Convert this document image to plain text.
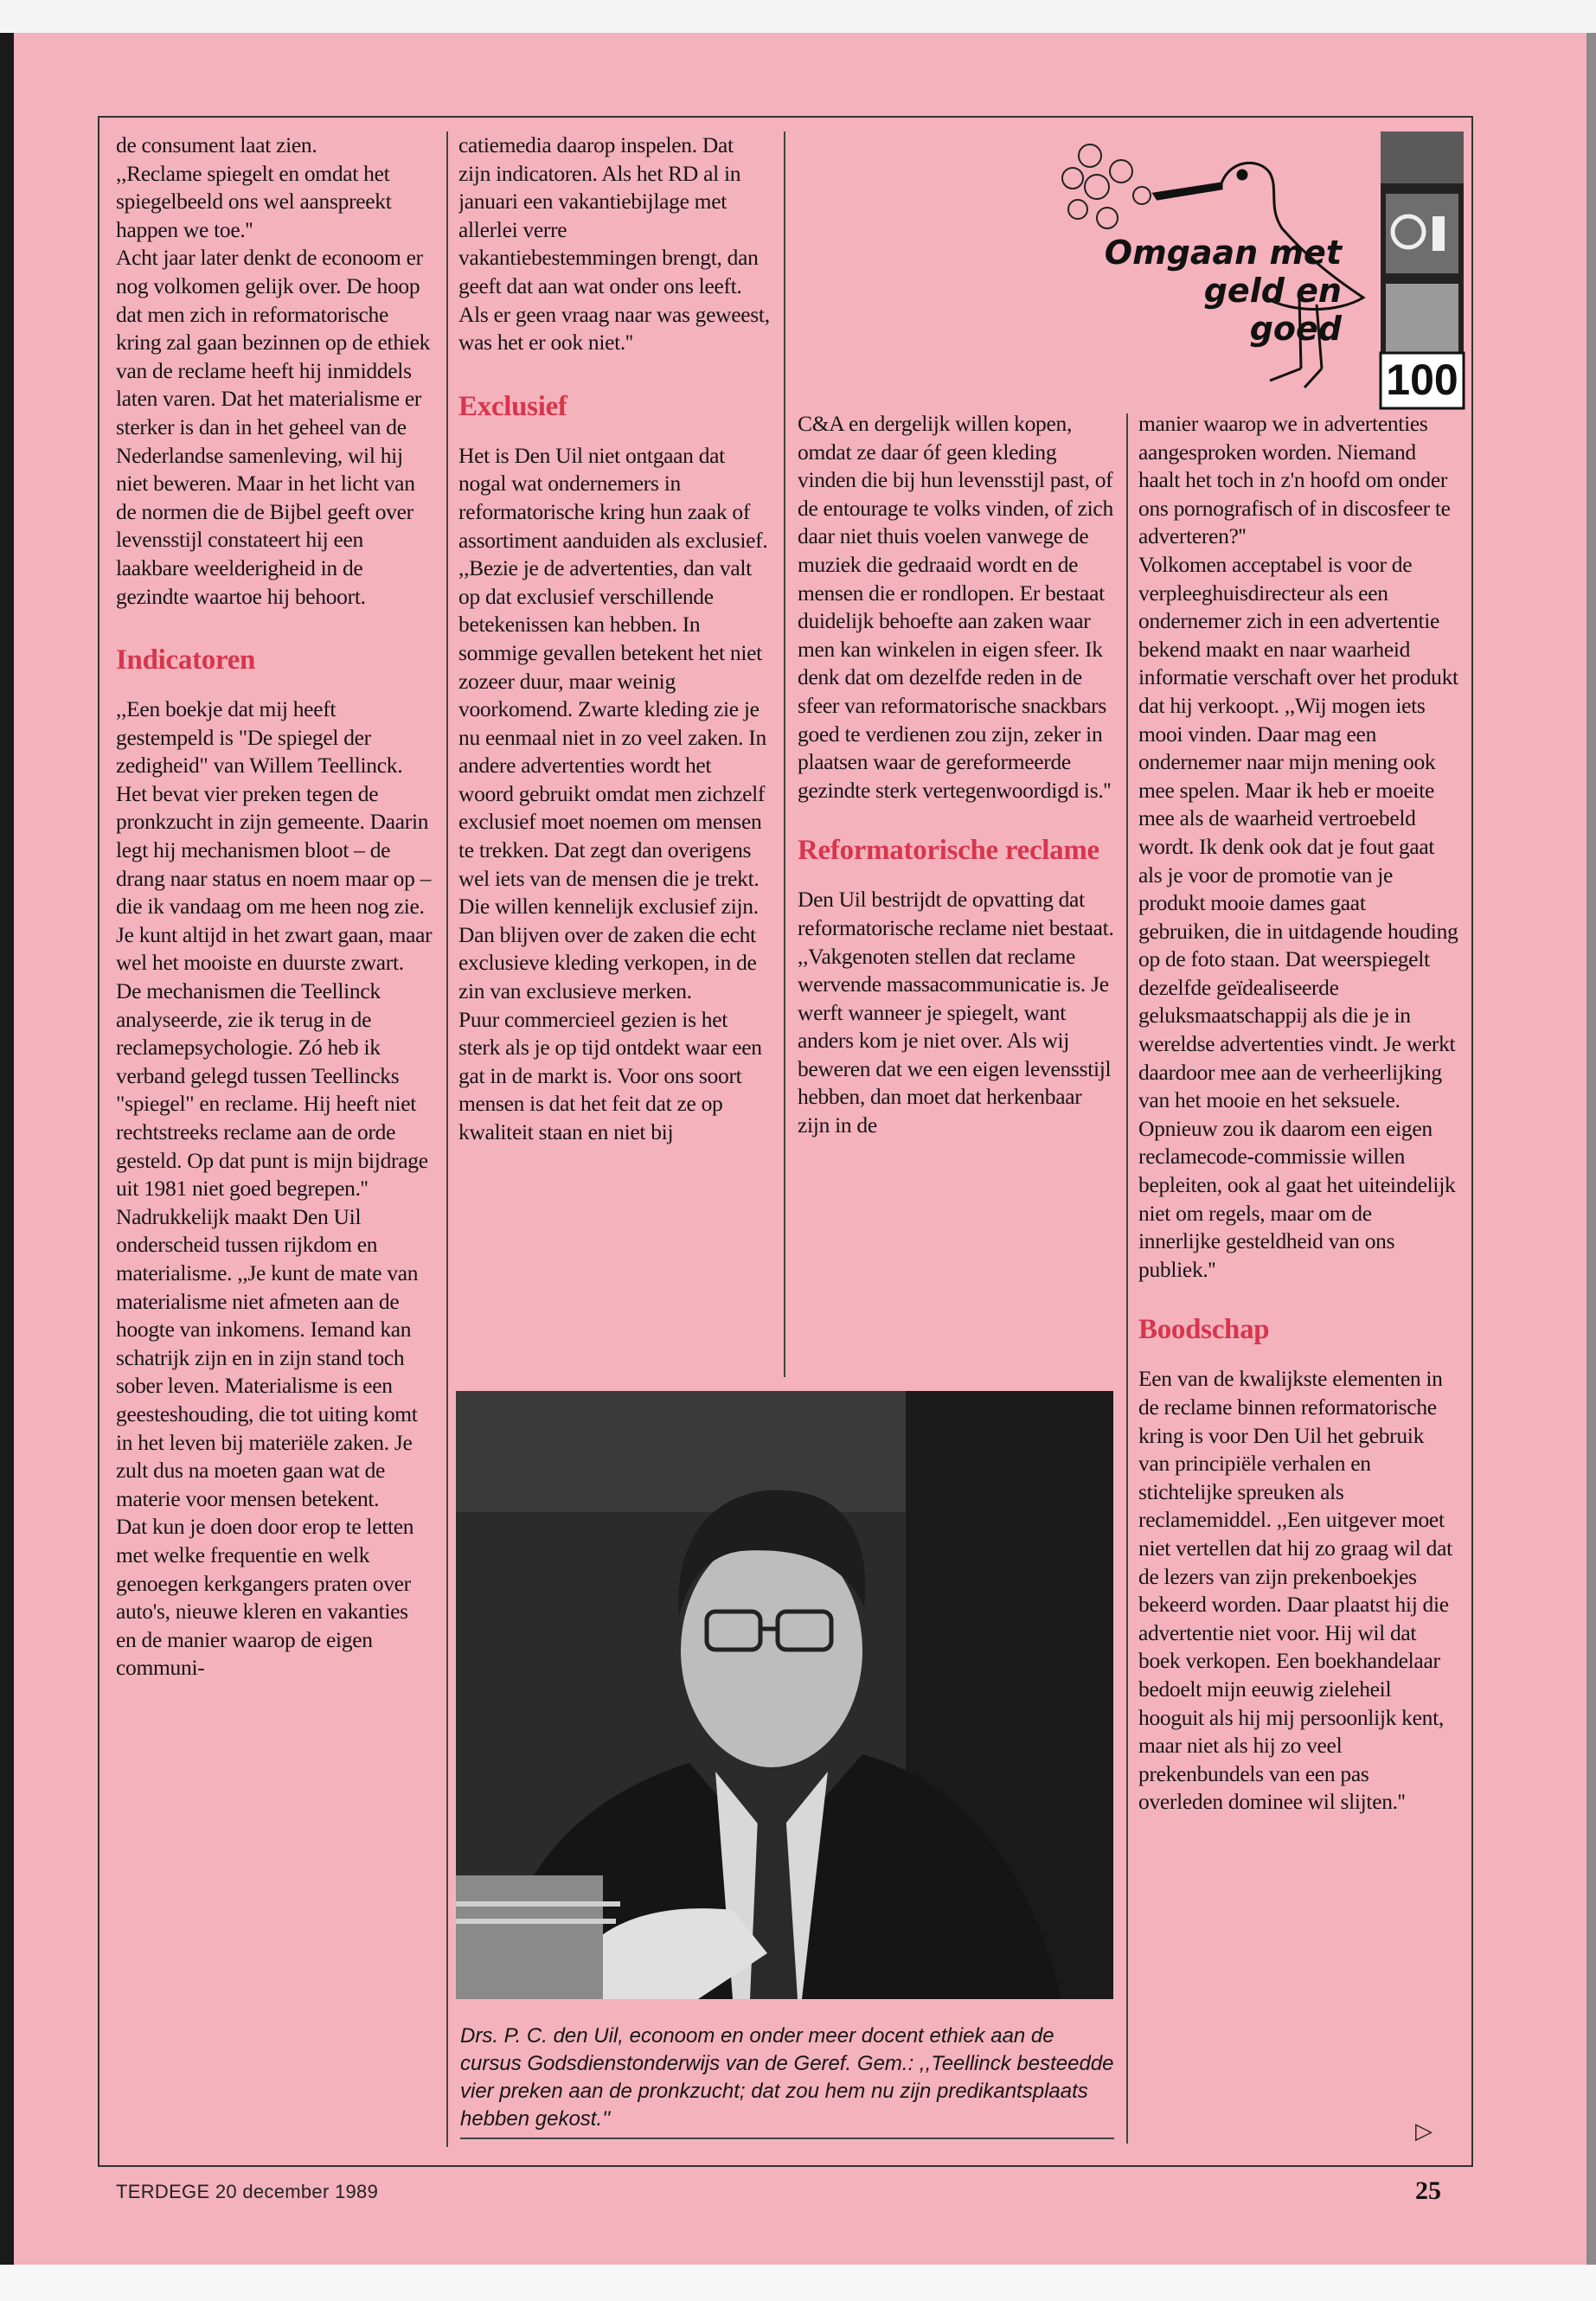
de consument laat zien.

,,Reclame spiegelt en omdat het spiegelbeeld ons wel aanspreekt happen we toe.''

Acht jaar later denkt de econoom er nog volkomen gelijk over. De hoop dat men zich in reformatorische kring zal gaan bezinnen op de ethiek van de reclame heeft hij inmiddels laten varen. Dat het materialisme er sterker is dan in het geheel van de Nederlandse samenleving, wil hij niet beweren. Maar in het licht van de normen die de Bijbel geeft over levensstijl constateert hij een laakbare weelderigheid in de gezindte waartoe hij behoort.

Indicatoren

,,Een boekje dat mij heeft gestempeld is "De spiegel der zedigheid" van Willem Teellinck. Het bevat vier preken tegen de pronkzucht in zijn gemeente. Daarin legt hij mechanismen bloot – de drang naar status en noem maar op – die ik vandaag om me heen nog zie. Je kunt altijd in het zwart gaan, maar wel het mooiste en duurste zwart. De mechanismen die Teellinck analyseerde, zie ik terug in de reclamepsychologie. Zó heb ik verband gelegd tussen Teellincks "spiegel" en reclame. Hij heeft niet rechtstreeks reclame aan de orde gesteld. Op dat punt is mijn bijdrage uit 1981 niet goed begrepen.''

Nadrukkelijk maakt Den Uil onderscheid tussen rijkdom en materialisme. ,,Je kunt de mate van materialisme niet afmeten aan de hoogte van inkomens. Iemand kan schatrijk zijn en in zijn stand toch sober leven. Materialisme is een geesteshouding, die tot uiting komt in het leven bij materiële zaken. Je zult dus na moeten gaan wat de materie voor mensen betekent.

Dat kun je doen door erop te letten met welke frequentie en welk genoegen kerkgangers praten over auto's, nieuwe kleren en vakanties en de manier waarop de eigen communi-

catiemedia daarop inspelen. Dat zijn indicatoren. Als het RD al in januari een vakantiebijlage met allerlei verre vakantiebestemmingen brengt, dan geeft dat aan wat onder ons leeft. Als er geen vraag naar was geweest, was het er ook niet.''

Exclusief

Het is Den Uil niet ontgaan dat nogal wat ondernemers in reformatorische kring hun zaak of assortiment aanduiden als exclusief.

,,Bezie je de advertenties, dan valt op dat exclusief verschillende betekenissen kan hebben. In sommige gevallen betekent het niet zozeer duur, maar weinig voorkomend. Zwarte kleding zie je nu eenmaal niet in zo veel zaken. In andere advertenties wordt het woord gebruikt omdat men zichzelf exclusief moet noemen om mensen te trekken. Dat zegt dan overigens wel iets van de mensen die je trekt. Die willen kennelijk exclusief zijn. Dan blijven over de zaken die echt exclusieve kleding verkopen, in de zin van exclusieve merken.

Puur commercieel gezien is het sterk als je op tijd ontdekt waar een gat in de markt is. Voor ons soort mensen is dat het feit dat ze op kwaliteit staan en niet bij

C&A en dergelijk willen kopen, omdat ze daar óf geen kleding vinden die bij hun levensstijl past, of de entourage te volks vinden, of zich daar niet thuis voelen vanwege de muziek die gedraaid wordt en de mensen die er rondlopen. Er bestaat duidelijk behoefte aan zaken waar men kan winkelen in eigen sfeer. Ik denk dat om dezelfde reden in de sfeer van reformatorische snackbars goed te verdienen zou zijn, zeker in plaatsen waar de gereformeerde gezindte sterk vertegenwoordigd is.''

Reformatorische reclame

Den Uil bestrijdt de opvatting dat reformatorische reclame niet bestaat. ,,Vakgenoten stellen dat reclame wervende massacommunicatie is. Je werft wanneer je spiegelt, want anders kom je niet over. Als wij beweren dat we een eigen levensstijl hebben, dan moet dat herkenbaar zijn in de

manier waarop we in advertenties aangesproken worden. Niemand haalt het toch in z'n hoofd om onder ons pornografisch of in discosfeer te adverteren?''

Volkomen acceptabel is voor de verpleeghuisdirecteur als een ondernemer zich in een advertentie bekend maakt en naar waarheid informatie verschaft over het produkt dat hij verkoopt. ,,Wij mogen iets mooi vinden. Daar mag een ondernemer naar mijn mening ook mee spelen. Maar ik heb er moeite mee als de waarheid vertroebeld wordt. Ik denk ook dat je fout gaat als je voor de promotie van je produkt mooie dames gaat gebruiken, die in uitdagende houding op de foto staan. Dat weerspiegelt dezelfde geïdealiseerde geluksmaatschappij als die je in wereldse advertenties vindt. Je werkt daardoor mee aan de verheerlijking van het mooie en het seksuele. Opnieuw zou ik daarom een eigen reclamecode-commissie willen bepleiten, ook al gaat het uiteindelijk niet om regels, maar om de innerlijke gesteldheid van ons publiek.''

Boodschap

Een van de kwalijkste elementen in de reclame binnen reformatorische kring is voor Den Uil het gebruik van principiële verhalen en stichtelijke spreuken als reclamemiddel. ,,Een uitgever moet niet vertellen dat hij zo graag wil dat de lezers van zijn prekenboekjes bekeerd worden. Daar plaatst hij die advertentie niet voor. Hij wil dat boek verkopen. Een boekhandelaar bedoelt mijn eeuwig zieleheil hooguit als hij mij persoonlijk kent, maar niet als hij zo veel prekenbundels van een pas overleden dominee wil slijten.''

▷
100
Omgaan met
geld en
goed
Drs. P. C. den Uil, econoom en onder meer docent ethiek aan de cursus Godsdienstonderwijs van de Geref. Gem.: ,,Teellinck besteedde vier preken aan de pronkzucht; dat zou hem nu zijn predikantsplaats hebben gekost.''
TERDEGE 20 december 1989	25
